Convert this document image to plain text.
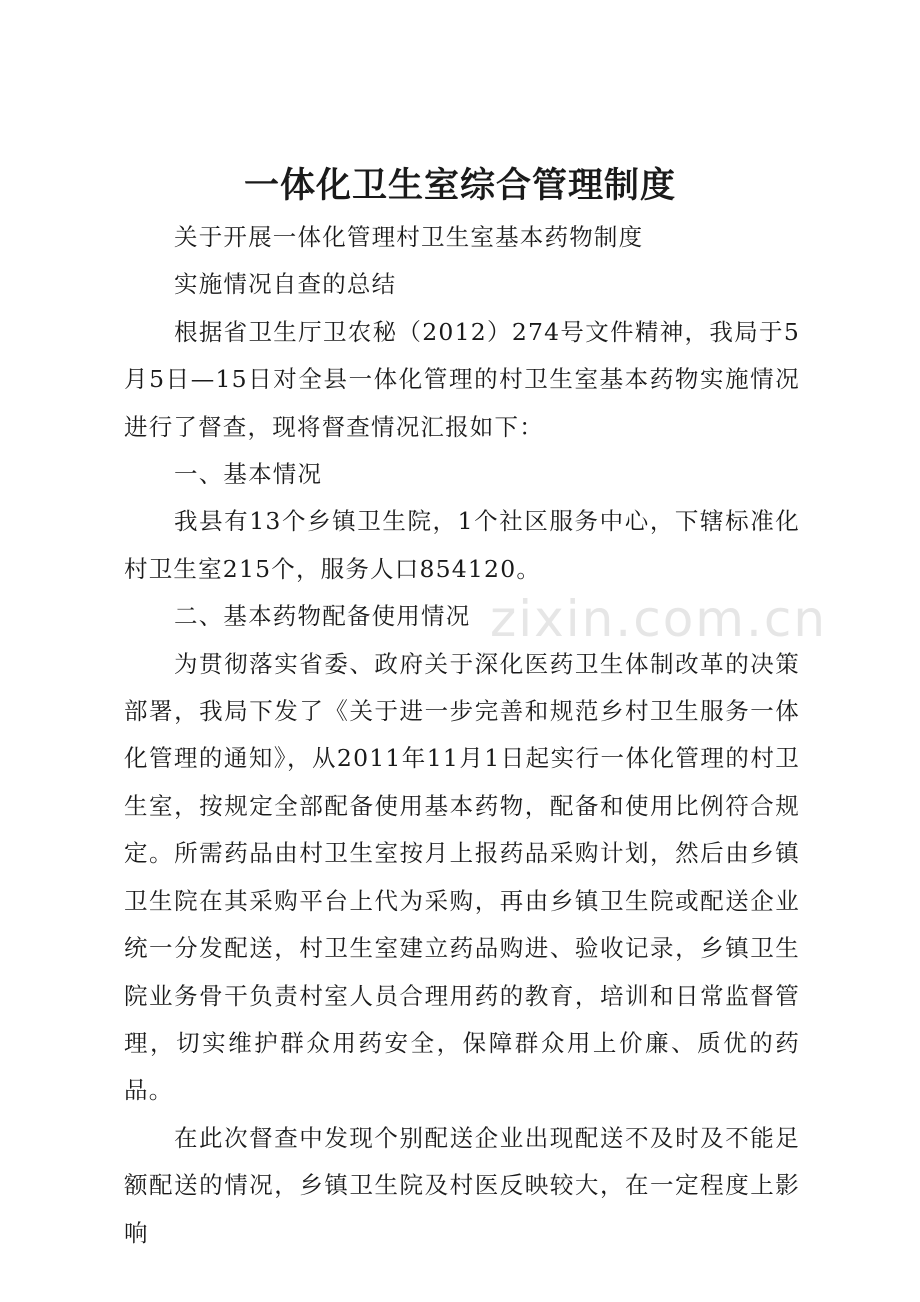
一体化卫生室综合管理制度

关于开展一体化管理村卫生室基本药物制度

实施情况自查的总结

根据省卫生厅卫农秘（2012）274号文件精神，我局于5月5日—15日对全县一体化管理的村卫生室基本药物实施情况进行了督查，现将督查情况汇报如下：

一、基本情况

我县有13个乡镇卫生院，1个社区服务中心，下辖标准化村卫生室215个，服务人口854120。

二、基本药物配备使用情况

为贯彻落实省委、政府关于深化医药卫生体制改革的决策部署，我局下发了《关于进一步完善和规范乡村卫生服务一体化管理的通知》，从2011年11月1日起实行一体化管理的村卫生室，按规定全部配备使用基本药物，配备和使用比例符合规定。所需药品由村卫生室按月上报药品采购计划，然后由乡镇卫生院在其采购平台上代为采购，再由乡镇卫生院或配送企业统一分发配送，村卫生室建立药品购进、验收记录，乡镇卫生院业务骨干负责村室人员合理用药的教育，培训和日常监督管理，切实维护群众用药安全，保障群众用上价廉、质优的药品。

在此次督查中发现个别配送企业出现配送不及时及不能足额配送的情况，乡镇卫生院及村医反映较大，在一定程度上影响

zixin.com.cn
